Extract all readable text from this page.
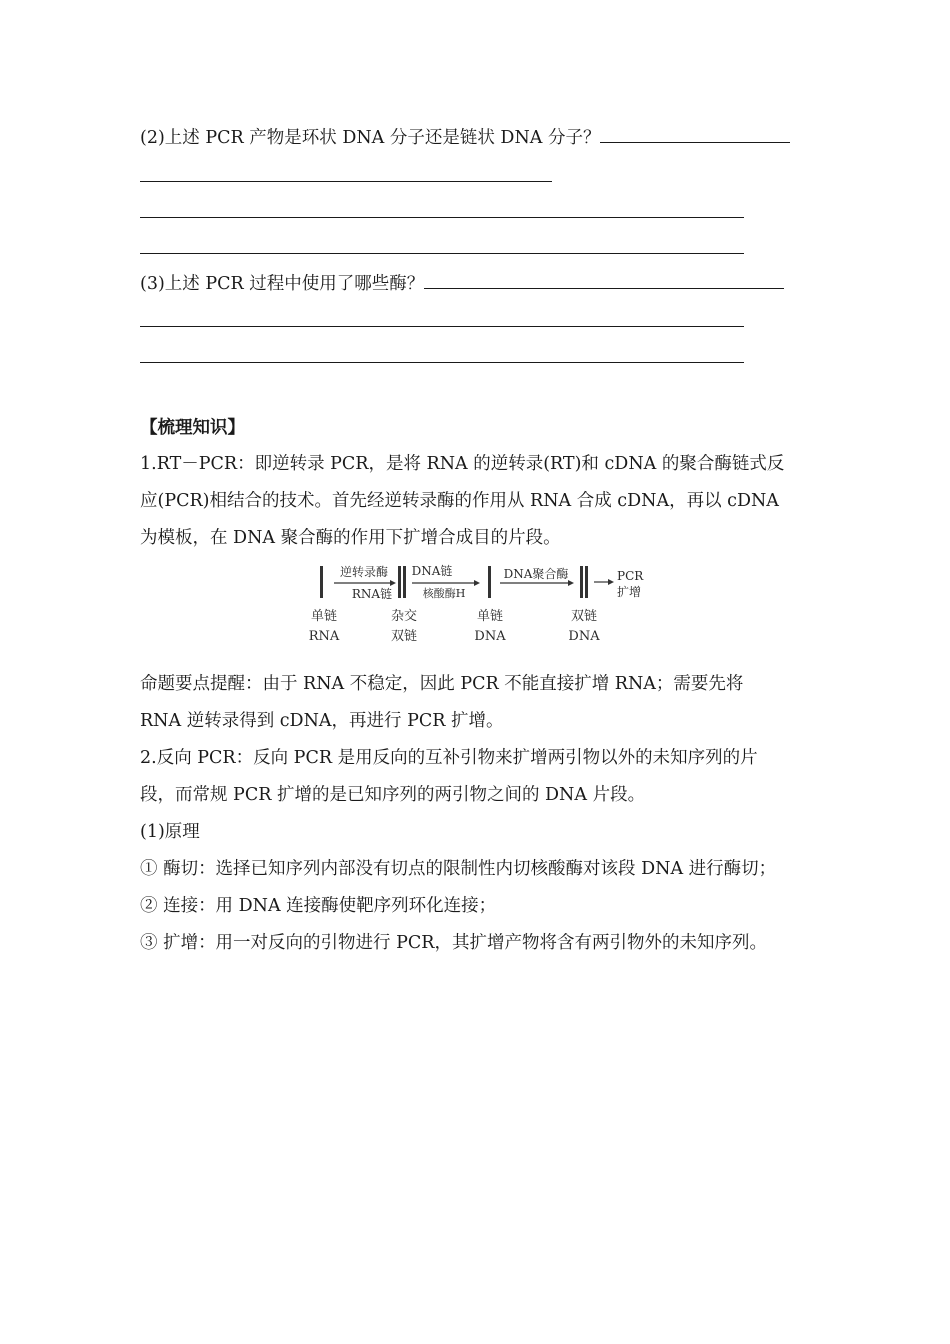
(2)上述 PCR 产物是环状 DNA 分子还是链状 DNA 分子？
(3)上述 PCR 过程中使用了哪些酶？
【梳理知识】
1.RT－PCR：即逆转录 PCR，是将 RNA 的逆转录(RT)和 cDNA 的聚合酶链式反
应(PCR)相结合的技术。首先经逆转录酶的作用从 RNA 合成 cDNA，再以 cDNA
为模板，在 DNA 聚合酶的作用下扩增合成目的片段。
逆转录酶
RNA链
DNA链
核酸酶H
DNA聚合酶	PCR
扩增
单链
RNA
杂交
双链
单链
DNA
双链
DNA
命题要点提醒：由于 RNA 不稳定，因此 PCR 不能直接扩增 RNA；需要先将
RNA 逆转录得到 cDNA，再进行 PCR 扩增。
2.反向 PCR：反向 PCR 是用反向的互补引物来扩增两引物以外的未知序列的片
段，而常规 PCR 扩增的是已知序列的两引物之间的 DNA 片段。
(1)原理
① 酶切：选择已知序列内部没有切点的限制性内切核酸酶对该段 DNA 进行酶切；
② 连接：用 DNA 连接酶使靶序列环化连接；
③ 扩增：用一对反向的引物进行 PCR，其扩增产物将含有两引物外的未知序列。
